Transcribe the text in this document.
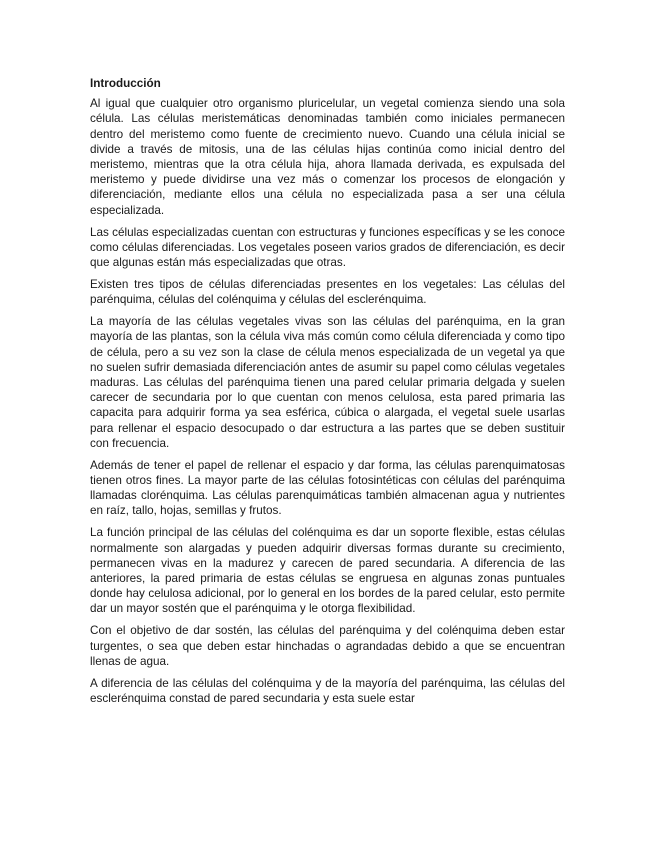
Introducción

Al igual que cualquier otro organismo pluricelular, un vegetal comienza siendo una sola célula. Las células meristemáticas denominadas también como iniciales permanecen dentro del meristemo como fuente de crecimiento nuevo. Cuando una célula inicial se divide a través de mitosis, una de las células hijas continúa como inicial dentro del meristemo, mientras que la otra célula hija, ahora llamada derivada, es expulsada del meristemo y puede dividirse una vez más o comenzar los procesos de elongación y diferenciación, mediante ellos una célula no especializada pasa a ser una célula especializada.

Las células especializadas cuentan con estructuras y funciones específicas y se les conoce como células diferenciadas. Los vegetales poseen varios grados de diferenciación, es decir que algunas están más especializadas que otras.

Existen tres tipos de células diferenciadas presentes en los vegetales: Las células del parénquima, células del colénquima y células del esclerénquima.

La mayoría de las células vegetales vivas son las células del parénquima, en la gran mayoría de las plantas, son la célula viva más común como célula diferenciada y como tipo de célula, pero a su vez son la clase de célula menos especializada de un vegetal ya que no suelen sufrir demasiada diferenciación antes de asumir su papel como células vegetales maduras. Las células del parénquima tienen una pared celular primaria delgada y suelen carecer de secundaria por lo que cuentan con menos celulosa, esta pared primaria las capacita para adquirir forma ya sea esférica, cúbica o alargada, el vegetal suele usarlas para rellenar el espacio desocupado o dar estructura a las partes que se deben sustituir con frecuencia.

Además de tener el papel de rellenar el espacio y dar forma, las células parenquimatosas tienen otros fines. La mayor parte de las células fotosintéticas con células del parénquima llamadas clorénquima. Las células parenquimáticas también almacenan agua y nutrientes en raíz, tallo, hojas, semillas y frutos.

La función principal de las células del colénquima es dar un soporte flexible, estas células normalmente son alargadas y pueden adquirir diversas formas durante su crecimiento, permanecen vivas en la madurez y carecen de pared secundaria. A diferencia de las anteriores, la pared primaria de estas células se engruesa en algunas zonas puntuales donde hay celulosa adicional, por lo general en los bordes de la pared celular, esto permite dar un mayor sostén que el parénquima y le otorga flexibilidad.

Con el objetivo de dar sostén, las células del parénquima y del colénquima deben estar turgentes, o sea que deben estar hinchadas o agrandadas debido a que se encuentran llenas de agua.

A diferencia de las células del colénquima y de la mayoría del parénquima, las células del esclerénquima constad de pared secundaria y esta suele estar
